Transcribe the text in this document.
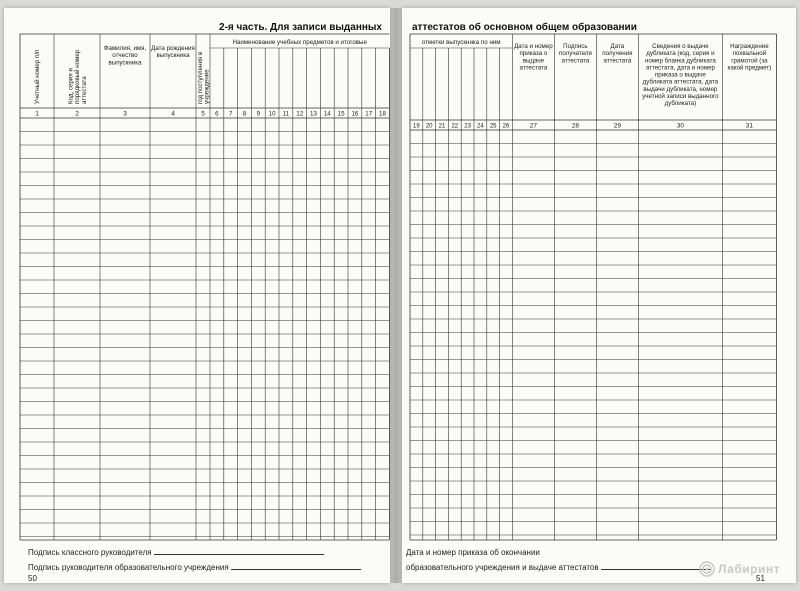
2-я часть. Для записи выданных
Учетный номер п/п
1
Код, серия и порядковый номер аттестата
2
Фамилия, имя, отчество выпускника
3
Дата рождения выпускника
4
год поступления в учреждение
5
Наименование учебных предметов и итоговые
6 7 8 9 10 11 12 13 14 15 16 17 18
Подпись классного руководителя
Подпись руководителя образовательного учреждения
50
аттестатов об основном общем образовании
отметки выпускника по ним
19 20 21 22 23 24 25 26
Дата и номер приказа о выдаче аттестата
27
Подпись получателя аттестата
28
Дата получения аттестата
29
Сведения о выдаче дубликата (код, серия и номер бланка дубликата аттестата, дата и номер приказа о выдаче дубликата аттестата, дата выдачи дубликата, номер учетной записи выданного дубликата)
30
Награждение похвальной грамотой (за какой предмет)
31
Дата и номер приказа об окончании
образовательного учреждения и выдаче аттестатов
51
Лабиринт
